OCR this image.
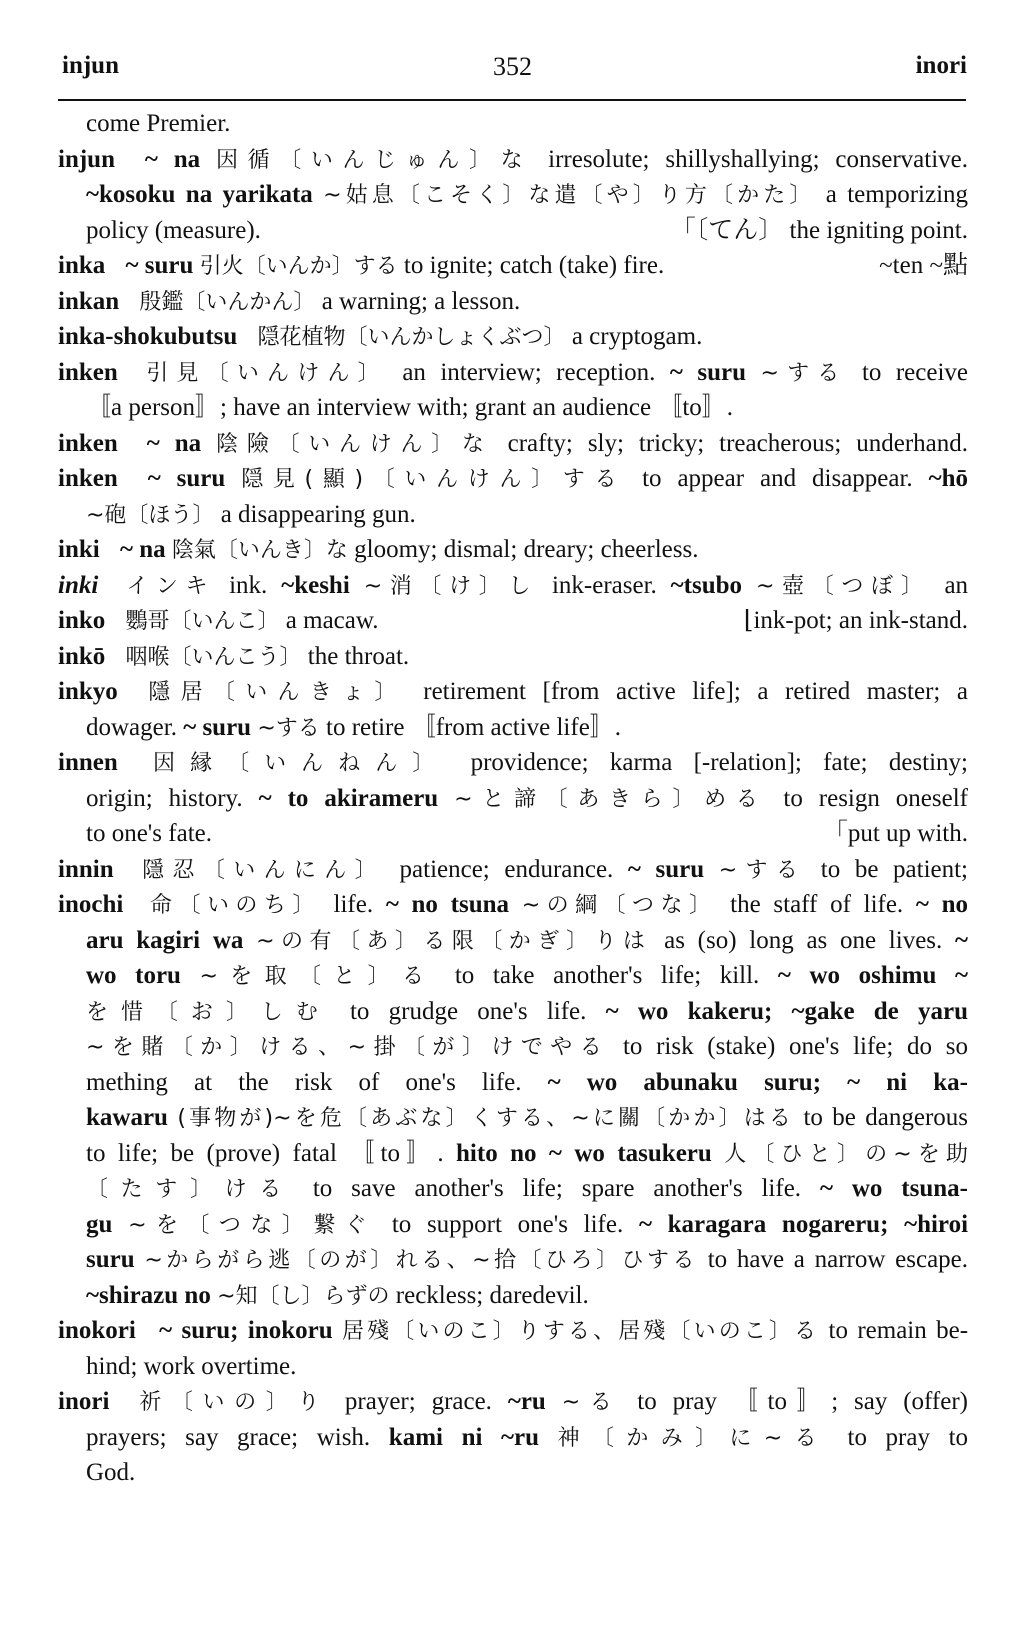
352
injun	inori
come Premier.
injun ~ na 因循〔いんじゅん〕な irresolute; shillyshallying; conservative.
~kosoku na yarikata ~姑息〔こそく〕な遣〔や〕り方〔かた〕 a temporizing
policy (measure).	「〔てん〕 the igniting point.
inka ~ suru 引火〔いんか〕する to ignite; catch (take) fire.	~ten ~點
inkan 殷鑑〔いんかん〕 a warning; a lesson.
inka-shokubutsu 隠花植物〔いんかしょくぶつ〕 a cryptogam.
inken 引見〔いんけん〕 an interview; reception. ~ suru ~する to receive
〚a person〛; have an interview with; grant an audience 〚to〛.
inken ~ na 陰險〔いんけん〕な crafty; sly; tricky; treacherous; underhand.
inken ~ suru 隠見(顯)〔いんけん〕する to appear and disappear. ~hō
~砲〔ほう〕 a disappearing gun.
inki ~ na 陰氣〔いんき〕な gloomy; dismal; dreary; cheerless.
inki インキ ink. ~keshi ~消〔け〕し ink-eraser. ~tsubo ~壺〔つぼ〕 an
inko 鸚哥〔いんこ〕 a macaw.	⌊ink-pot; an ink-stand.
inkō 咽喉〔いんこう〕 the throat.
inkyo 隱居〔いんきょ〕 retirement [from active life]; a retired master; a
dowager. ~ suru ~する to retire 〚from active life〛.
innen 因縁〔いんねん〕 providence; karma [-relation]; fate; destiny;
origin; history. ~ to akirameru ~と諦〔あきら〕める to resign oneself
to one's fate.	「put up with.
innin 隱忍〔いんにん〕 patience; endurance. ~ suru ~する to be patient;
inochi 命〔いのち〕 life. ~ no tsuna ~の綱〔つな〕 the staff of life. ~ no
aru kagiri wa ~の有〔あ〕る限〔かぎ〕りは as (so) long as one lives. ~
wo toru ~を取〔と〕る to take another's life; kill. ~ wo oshimu ~
を惜〔お〕しむ to grudge one's life. ~ wo kakeru; ~gake de yaru
~を賭〔か〕ける、~掛〔が〕けでやる to risk (stake) one's life; do so
mething at the risk of one's life. ~ wo abunaku suru; ~ ni ka-
kawaru (事物が)~を危〔あぶな〕くする、~に關〔かか〕はる to be dangerous
to life; be (prove) fatal 〚to〛. hito no ~ wo tasukeru 人〔ひと〕の~を助
〔たす〕ける to save another's life; spare another's life. ~ wo tsuna-
gu ~を〔つな〕繋ぐ to support one's life. ~ karagara nogareru; ~hiroi
suru ~からがら逃〔のが〕れる、~拾〔ひろ〕ひする to have a narrow escape.
~shirazu no ~知〔し〕らずの reckless; daredevil.
inokori ~ suru; inokoru 居殘〔いのこ〕りする、居殘〔いのこ〕る to remain be-
hind; work overtime.
inori 祈〔いの〕り prayer; grace. ~ru ~る to pray 〚to〛; say (offer)
prayers; say grace; wish. kami ni ~ru 神〔かみ〕に~る to pray to
God.
